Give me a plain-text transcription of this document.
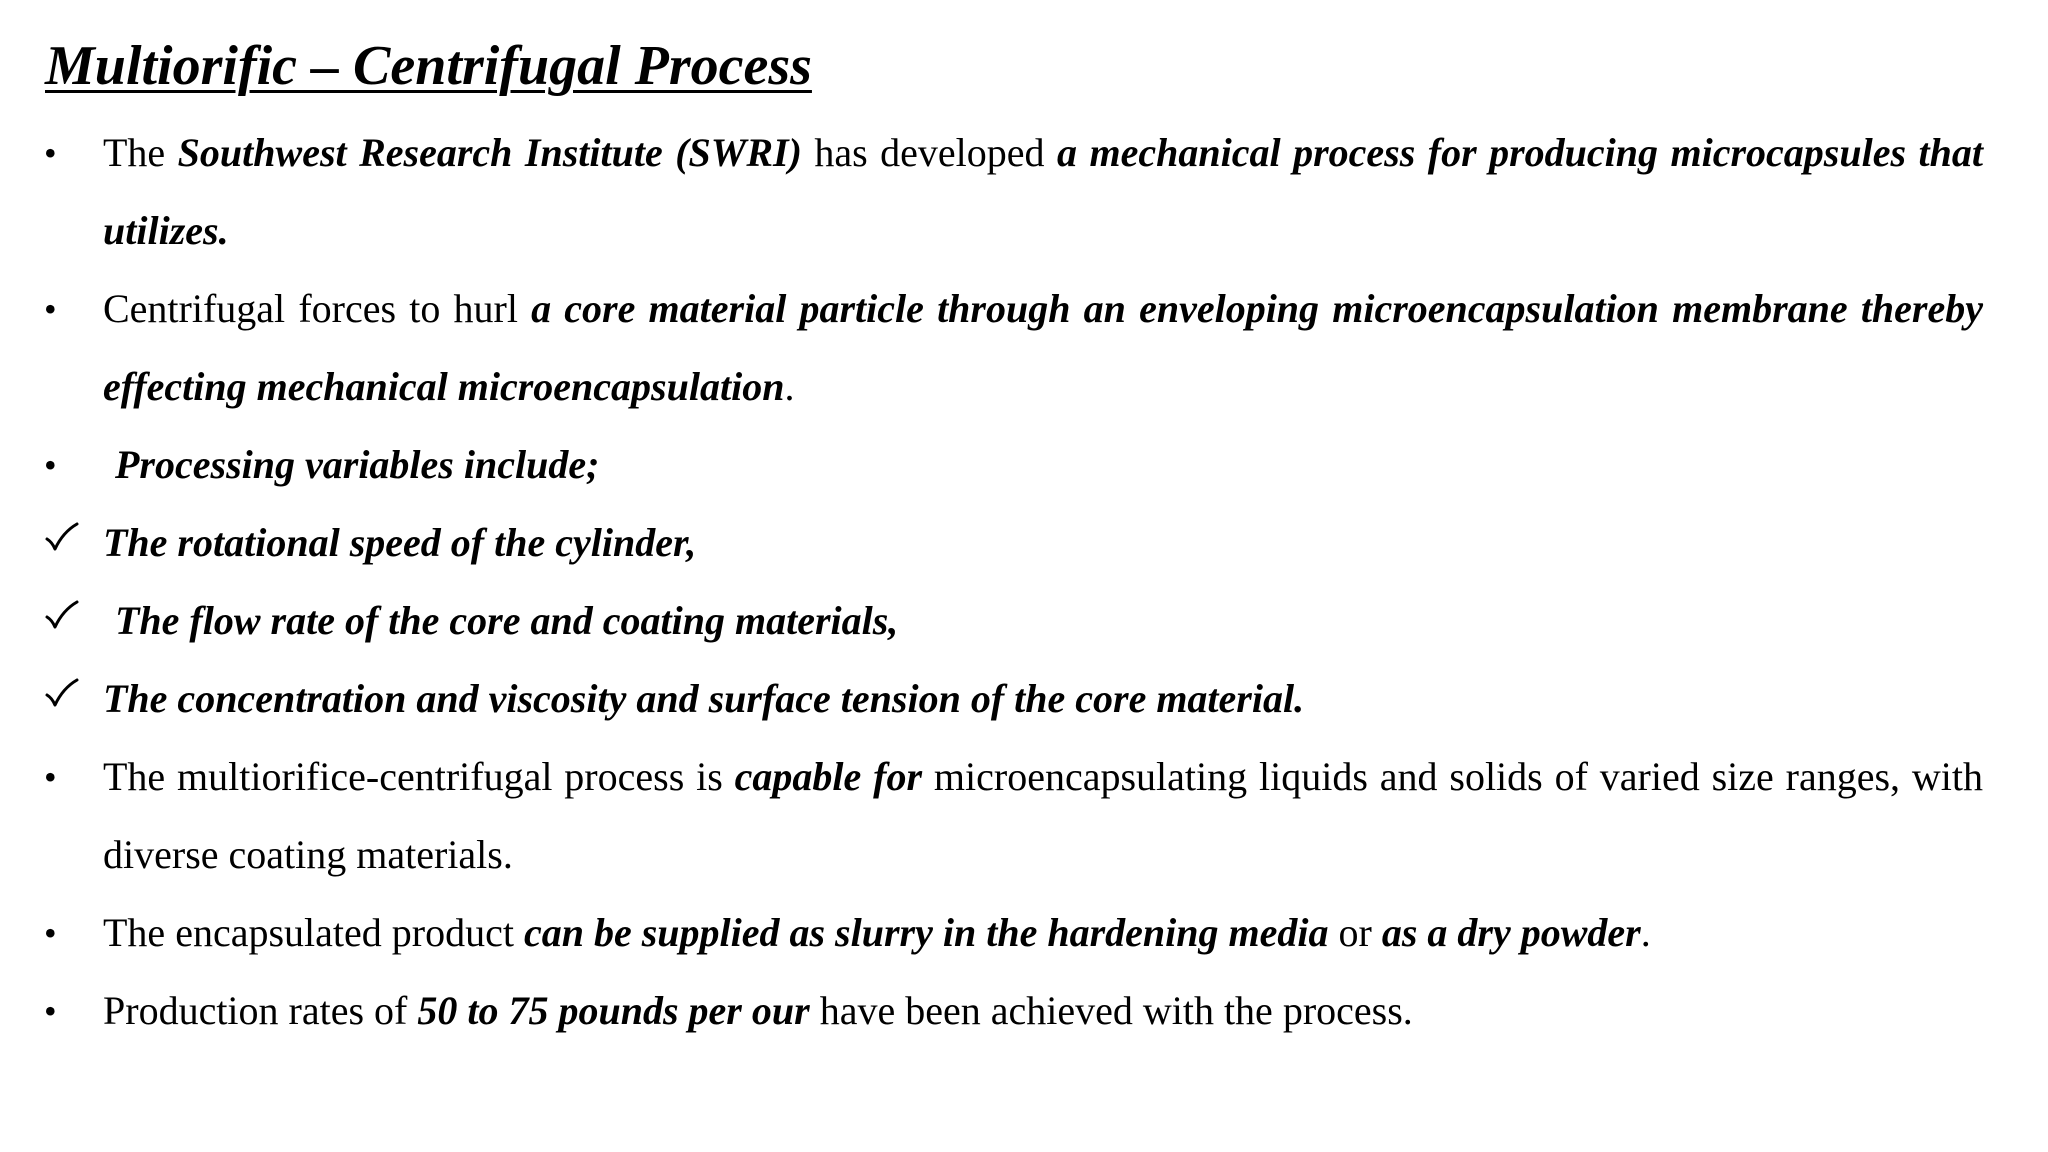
Multiorific – Centrifugal Process
•	The Southwest Research Institute (SWRI) has developed a mechanical process for producing microcapsules that utilizes.
•	Centrifugal forces to hurl a core material particle through an enveloping microencapsulation membrane thereby effecting mechanical microencapsulation.
•	Processing variables include;
The rotational speed of the cylinder,
The flow rate of the core and coating materials,
The concentration and viscosity and surface tension of the core material.
•	The multiorifice-centrifugal process is capable for microencapsulating liquids and solids of varied size ranges, with diverse coating materials.
•	The encapsulated product can be supplied as slurry in the hardening media or as a dry powder.
•	Production rates of 50 to 75 pounds per our have been achieved with the process.
